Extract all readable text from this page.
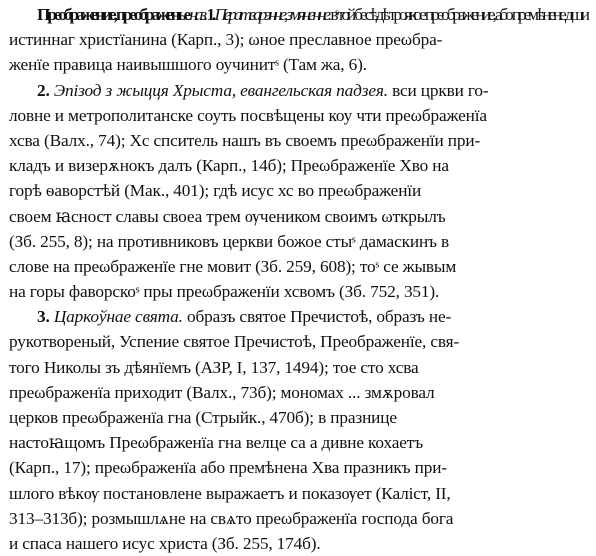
Преображение, преображенье наз. 1. Ператварэнне, змяненне. вˢ той бесѣдѣ троякое преображение, або премѣнене дши
истиннаг христїанина (Карп., 3); ωное преславное преωбра-
женїе правица наивышшого оучинитˢ (Там жа, 6).
2. Эпізод з жыцця Хрыста, евангельская падзея. вси цркви го-
ловне и метрополитанске соуть посвѣщены коу чти преωбраженїа
хсва (Валх., 74); Хс спситель нашъ въ своемъ преωбраженїи при-
кладъ и визерѫнокъ далъ (Карп., 14б); Преωбраженїе Хво на
горѣ ѳаворстѣй (Мак., 401); гдѣ исус хс во преωбраженїи
своем ꙗсност славы своеа трем ѹчеником своимъ ωткрылъ
(Зб. 255, 8); на противниковъ церкви божое стыˢ дамаскинъ в
слове на преωбраженїе гне мовит (Зб. 259, 608); тоˢ се жывым
на горы фаворскоˢ пры преωбраженїи хсвомъ (Зб. 752, 351).
3. Царкоўнае свята. образъ святое Пречистоѣ, образъ не-
рукотвореный, Успение святое Пречистоѣ, Преображенїе, свя-
того Николы зъ дѣянїемъ (АЗР, I, 137, 1494); тое сто хсва
преωбраженїа приходит (Валх., 73б); мономах ... змѫровал
церков преωбраженїа гна (Стрыйк., 470б); в празнице
настоꙗщомъ Преωбраженїа гна велце са а дивне кохаетъ
(Карп., 17); преωбраженїа або премѣнена Хва празникъ при-
шлого вѣкѹ постановлене выражаетъ и показѹет (Каліст, II,
313–313б); розмышлѧне на свѧто преωбраженїа господа бога
и спаса нашего исус христа (Зб. 255, 174б).
